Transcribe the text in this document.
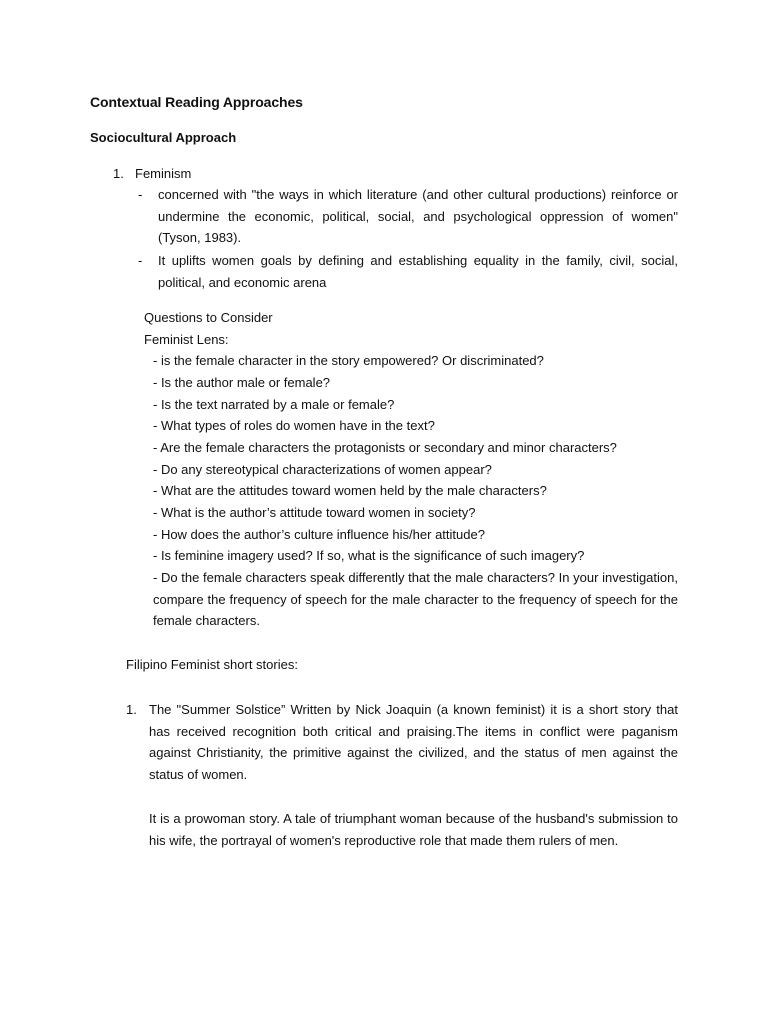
Contextual Reading Approaches
Sociocultural Approach
1. Feminism
- concerned with "the ways in which literature (and other cultural productions) reinforce or undermine the economic, political, social, and psychological oppression of women" (Tyson, 1983).
- It uplifts women goals by defining and establishing equality in the family, civil, social, political, and economic arena
Questions to Consider
Feminist Lens:
- is the female character in the story empowered? Or discriminated?
- Is the author male or female?
- Is the text narrated by a male or female?
- What types of roles do women have in the text?
- Are the female characters the protagonists or secondary and minor characters?
- Do any stereotypical characterizations of women appear?
- What are the attitudes toward women held by the male characters?
- What is the author’s attitude toward women in society?
- How does the author’s culture influence his/her attitude?
- Is feminine imagery used? If so, what is the significance of such imagery?
- Do the female characters speak differently that the male characters? In your investigation, compare the frequency of speech for the male character to the frequency of speech for the female characters.
Filipino Feminist short stories:
1. The "Summer Solstice” Written by Nick Joaquin (a known feminist) it is a short story that has received recognition both critical and praising.The items in conflict were paganism against Christianity, the primitive against the civilized, and the status of men against the status of women.
It is a prowoman story. A tale of triumphant woman because of the husband's submission to his wife, the portrayal of women's reproductive role that made them rulers of men.
